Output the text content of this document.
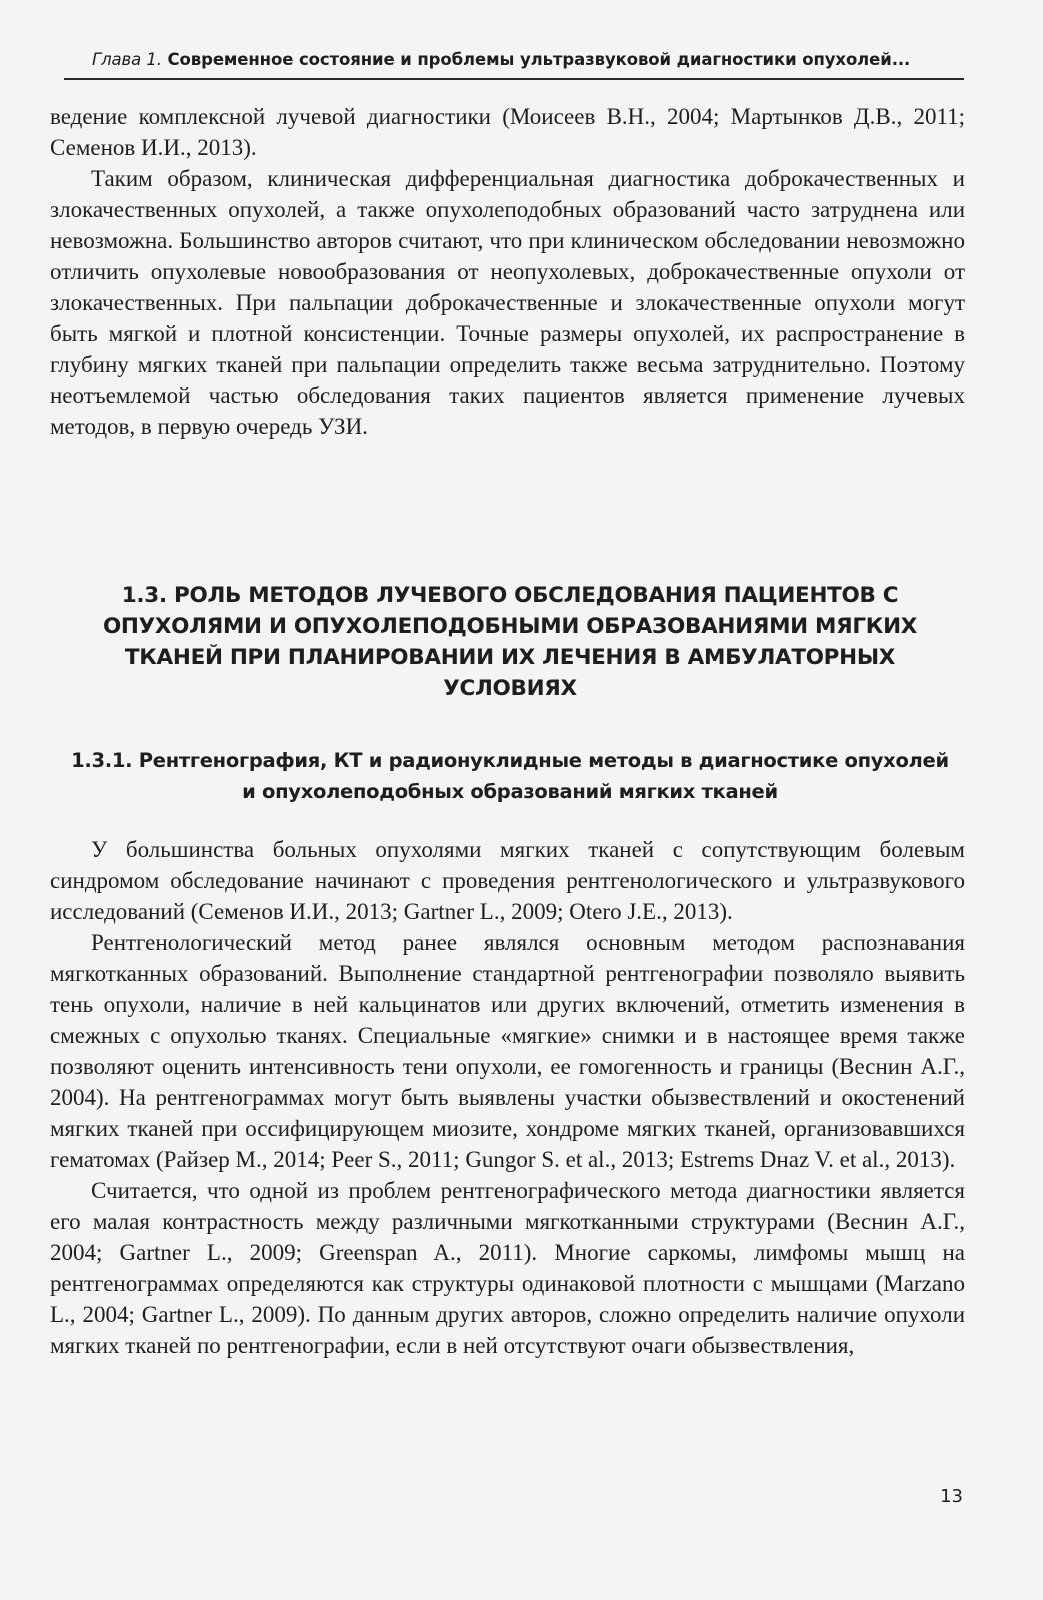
Глава 1. Современное состояние и проблемы ультразвуковой диагностики опухолей...

ведение комплексной лучевой диагностики (Моисеев В.Н., 2004; Мартынков Д.В., 2011; Семенов И.И., 2013).

Таким образом, клиническая дифференциальная диагностика доброкачественных и злокачественных опухолей, а также опухолеподобных образований часто затруднена или невозможна. Большинство авторов считают, что при клиническом обследовании невозможно отличить опухолевые новообразования от неопухолевых, доброкачественные опухоли от злокачественных. При пальпации доброкачественные и злокачественные опухоли могут быть мягкой и плотной консистенции. Точные размеры опухолей, их распространение в глубину мягких тканей при пальпации определить также весьма затруднительно. Поэтому неотъемлемой частью обследования таких пациентов является применение лучевых методов, в первую очередь УЗИ.

1.3. РОЛЬ МЕТОДОВ ЛУЧЕВОГО ОБСЛЕДОВАНИЯ ПАЦИЕНТОВ С ОПУХОЛЯМИ И ОПУХОЛЕПОДОБНЫМИ ОБРАЗОВАНИЯМИ МЯГКИХ ТКАНЕЙ ПРИ ПЛАНИРОВАНИИ ИХ ЛЕЧЕНИЯ В АМБУЛАТОРНЫХ УСЛОВИЯХ
1.3.1. Рентгенография, КТ и радионуклидные методы в диагностике опухолей и опухолеподобных образований мягких тканей

У большинства больных опухолями мягких тканей с сопутствующим болевым синдромом обследование начинают с проведения рентгенологического и ультразвукового исследований (Семенов И.И., 2013; Gartner L., 2009; Otero J.E., 2013).

Рентгенологический метод ранее являлся основным методом распознавания мягкотканных образований. Выполнение стандартной рентгенографии позволяло выявить тень опухоли, наличие в ней кальцинатов или других включений, отметить изменения в смежных с опухолью тканях. Специальные «мягкие» снимки и в настоящее время также позволяют оценить интенсивность тени опухоли, ее гомогенность и границы (Веснин А.Г., 2004). На рентгенограммах могут быть выявлены участки обызвествлений и окостенений мягких тканей при оссифицирующем миозите, хондроме мягких тканей, организовавшихся гематомах (Райзер М., 2014; Peer S., 2011; Gungor S. et al., 2013; Estrems Dнaz V. et al., 2013).

Считается, что одной из проблем рентгенографического метода диагностики является его малая контрастность между различными мягкотканными структурами (Веснин А.Г., 2004; Gartner L., 2009; Greenspan A., 2011). Многие саркомы, лимфомы мышц на рентгенограммах определяются как структуры одинаковой плотности с мышцами (Marzano L., 2004; Gartner L., 2009). По данным других авторов, сложно определить наличие опухоли мягких тканей по рентгенографии, если в ней отсутствуют очаги обызвествления,

13
